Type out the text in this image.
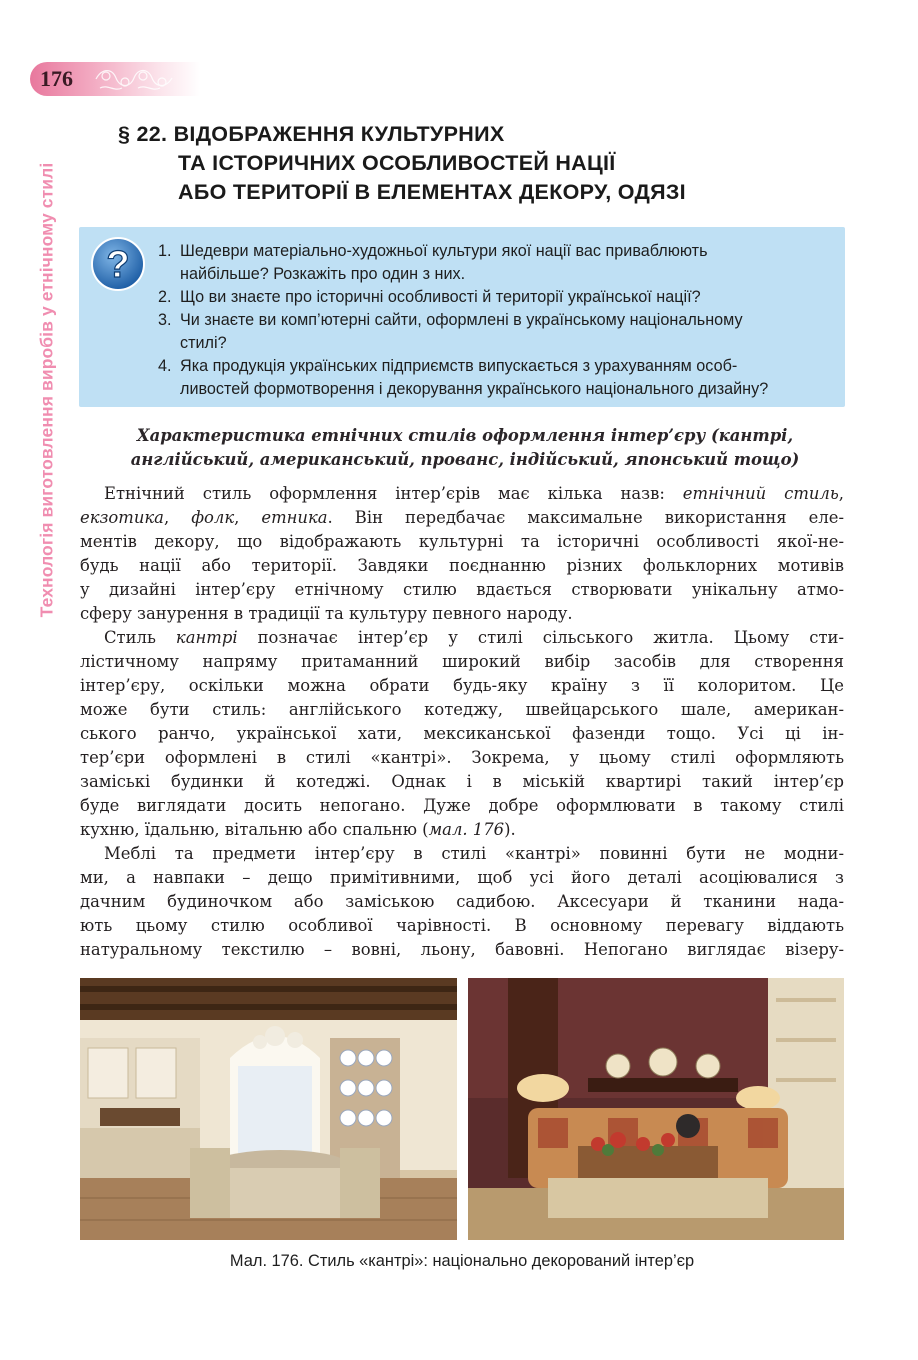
176
Технологія виготовлення виробів у етнічному стилі
§ 22. ВІДОБРАЖЕННЯ КУЛЬТУРНИХ
ТА ІСТОРИЧНИХ ОСОБЛИВОСТЕЙ НАЦІЇ
АБО ТЕРИТОРІЇ В ЕЛЕМЕНТАХ ДЕКОРУ, ОДЯЗІ
? 1. Шедеври матеріально-художньої культури якої нації вас приваблюють
найбільше? Розкажіть про один з них.
2. Що ви знаєте про історичні особливості й території української нації?
3. Чи знаєте ви комп’ютерні сайти, оформлені в українському національному
стилі?
4. Яка продукція українських підприємств випускається з урахуванням особ-
ливостей формотворення і декорування українського національного дизайну?
Характеристика етнічних стилів оформлення інтер’єру (кантрі,
англійський, американський, прованс, індійський, японський тощо)
Етнічний стиль оформлення інтер’єрів має кілька назв: етнічний стиль,
екзотика, фолк, етника. Він передбачає максимальне використання еле-
ментів декору, що відображають культурні та історичні особливості якої-не-
будь нації або території. Завдяки поєднанню різних фольклорних мотивів
у дизайні інтер’єру етнічному стилю вдається створювати унікальну атмо-
сферу занурення в традиції та культуру певного народу.
Стиль кантрі позначає інтер’єр у стилі сільського житла. Цьому сти-
лістичному напряму притаманний широкий вибір засобів для створення
інтер’єру, оскільки можна обрати будь-яку країну з її колоритом. Це
може бути стиль: англійського котеджу, швейцарського шале, американ-
ського ранчо, української хати, мексиканської фазенди тощо. Усі ці ін-
тер’єри оформлені в стилі «кантрі». Зокрема, у цьому стилі оформляють
заміські будинки й котеджі. Однак і в міській квартирі такий інтер’єр
буде виглядати досить непогано. Дуже добре оформлювати в такому стилі
кухню, їдальню, вітальню або спальню (мал. 176).
Меблі та предмети інтер’єру в стилі «кантрі» повинні бути не модни-
ми, а навпаки – дещо примітивними, щоб усі його деталі асоціювалися з
дачним будиночком або заміською садибою. Аксесуари й тканини нада-
ють цьому стилю особливої чарівності. В основному перевагу віддають
натуральному текстилю – вовні, льону, бавовні. Непогано виглядає візеру-
Мал. 176. Стиль «кантрі»: національно декорований інтер’єр
